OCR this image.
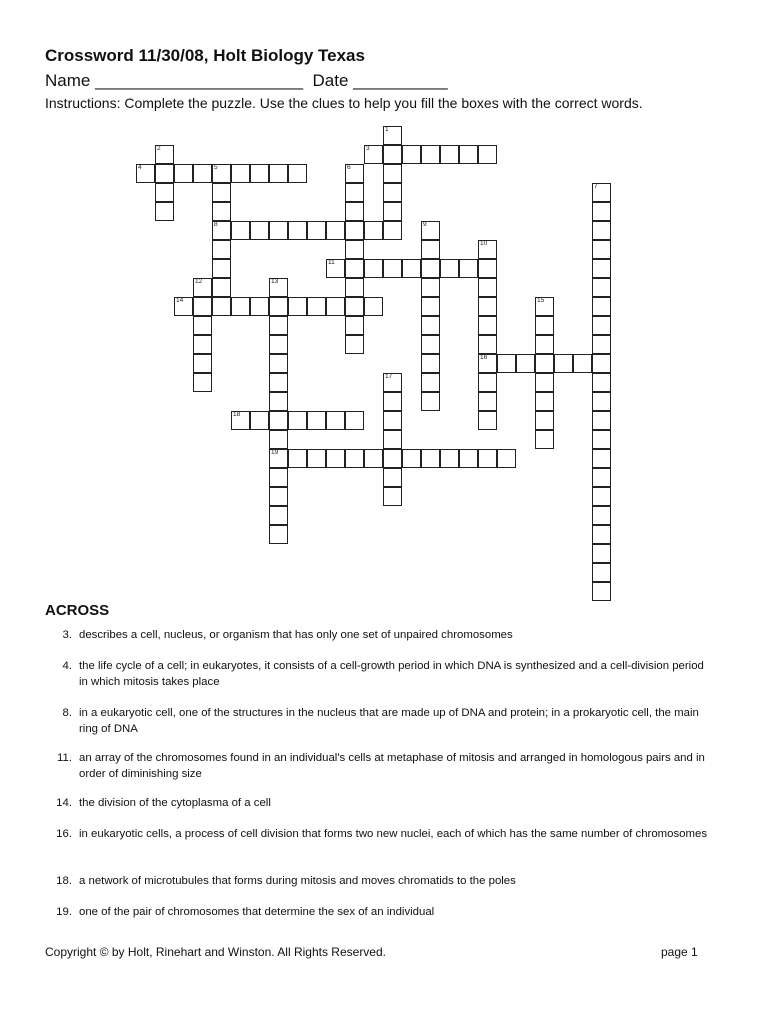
Crossword 11/30/08, Holt Biology Texas
Name ______________________  Date __________
Instructions: Complete the puzzle. Use the clues to help you fill the boxes with the correct words.
3
4	5
8
11
14
16
18
19
1
2
6
7
9
10
12	13
15
17
ACROSS
3. describes a cell, nucleus, or organism that has only one set of unpaired chromosomes
4. the life cycle of a cell; in eukaryotes, it consists of a cell-growth period in which DNA is synthesized and a cell-division period in which mitosis takes place
8. in a eukaryotic cell, one of the structures in the nucleus that are made up of DNA and protein; in a prokaryotic cell, the main ring of DNA
11. an array of the chromosomes found in an individual's cells at metaphase of mitosis and arranged in homologous pairs and in order of diminishing size
14. the division of the cytoplasma of a cell
16. in eukaryotic cells, a process of cell division that forms two new nuclei, each of which has the same number of chromosomes
18. a network of microtubules that forms during mitosis and moves chromatids to the poles
19. one of the pair of chromosomes that determine the sex of an individual
Copyright © by Holt, Rinehart and Winston. All Rights Reserved.	page 1
